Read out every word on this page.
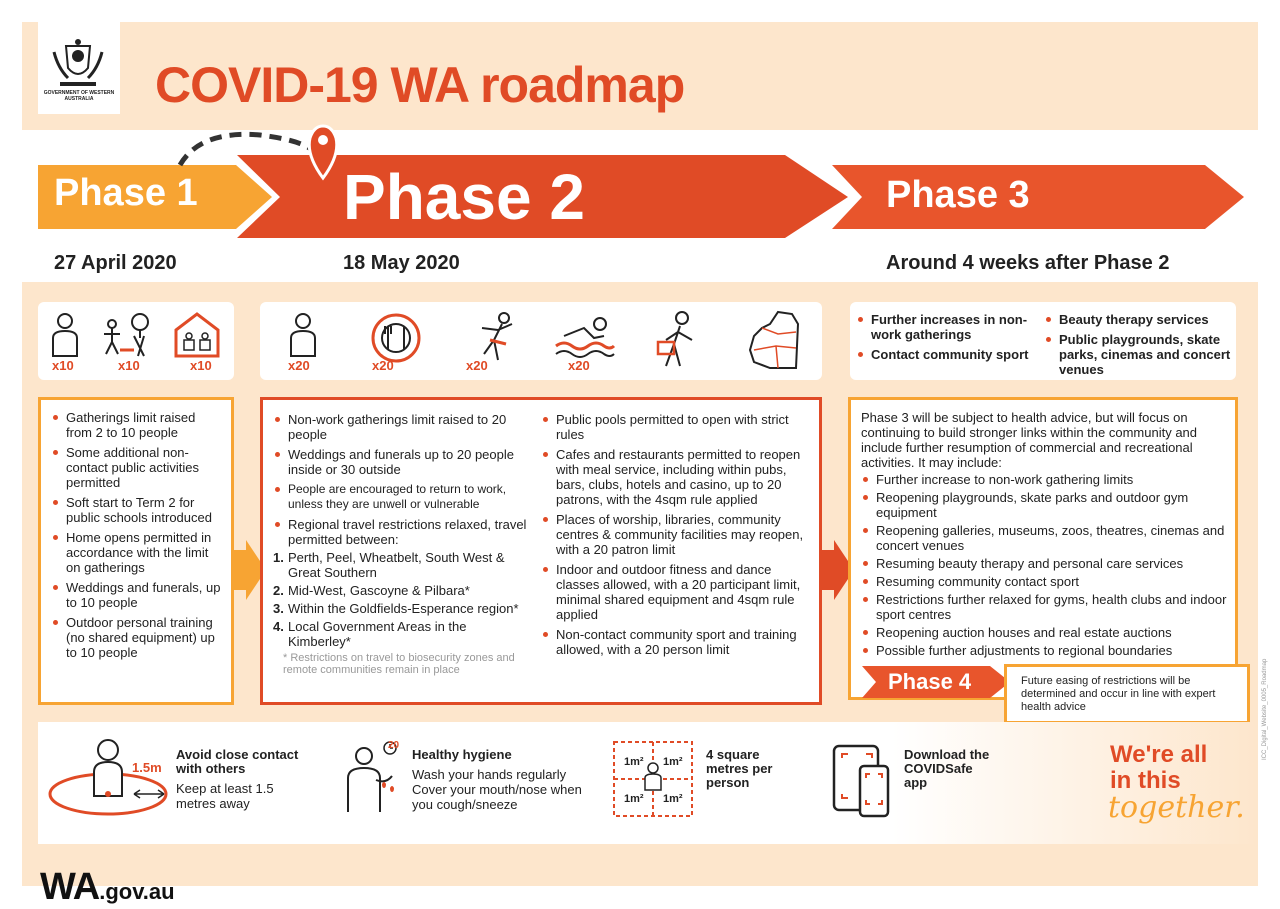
GOVERNMENT OF WESTERN AUSTRALIA	COVID-19 WA roadmap
Phase 1 Phase 2	Phase 3
27 April 2020	18 May 2020	Around 4 weeks after Phase 2
x10	x10	x10	x20	x20	x20	x20
Further increases in non-work gatherings
Contact community sport
Beauty therapy services
Public playgrounds, skate parks, cinemas and concert venues
Gatherings limit raised from 2 to 10 people
Some additional non-contact public activities permitted
Soft start to Term 2 for public schools introduced
Home opens permitted in accordance with the limit on gatherings
Weddings and funerals, up to 10 people
Outdoor personal training (no shared equipment) up to 10 people
Non-work gatherings limit raised to 20 people
Weddings and funerals up to 20 people inside or 30 outside
People are encouraged to return to work, unless they are unwell or vulnerable
Regional travel restrictions relaxed, travel permitted between:
1. Perth, Peel, Wheatbelt, South West & Great Southern
2. Mid-West, Gascoyne & Pilbara*
3. Within the Goldfields-Esperance region*
4. Local Government Areas in the Kimberley*
* Restrictions on travel to biosecurity zones and remote communities remain in place
Public pools permitted to open with strict rules
Cafes and restaurants permitted to reopen with meal service, including within pubs, bars, clubs, hotels and casino, up to 20 patrons, with the 4sqm rule applied
Places of worship, libraries, community centres & community facilities may reopen, with a 20 patron limit
Indoor and outdoor fitness and dance classes allowed, with a 20 participant limit, minimal shared equipment and 4sqm rule applied
Non-contact community sport and training allowed, with a 20 person limit
Phase 3 will be subject to health advice, but will focus on continuing to build stronger links within the community and include further resumption of commercial and recreational activities. It may include:
Further increase to non-work gathering limits
Reopening playgrounds, skate parks and outdoor gym equipment
Reopening galleries, museums, zoos, theatres, cinemas and concert venues
Resuming beauty therapy and personal care services
Resuming community contact sport
Restrictions further relaxed for gyms, health clubs and indoor sport centres
Reopening auction houses and real estate auctions
Possible further adjustments to regional boundaries
Phase 4	Future easing of restrictions will be determined and occur in line with expert health advice
1.5m
Avoid close contact with others
Keep at least 1.5 metres away
20
Healthy hygiene
Wash your hands regularly Cover your mouth/nose when you cough/sneeze
1m² 1m²
1m² 1m²
4 square metres per person
Download the COVIDSafe app
We're all in this
together.
WA.gov.au
ICC_Digital_Website_0005_Roadmap
